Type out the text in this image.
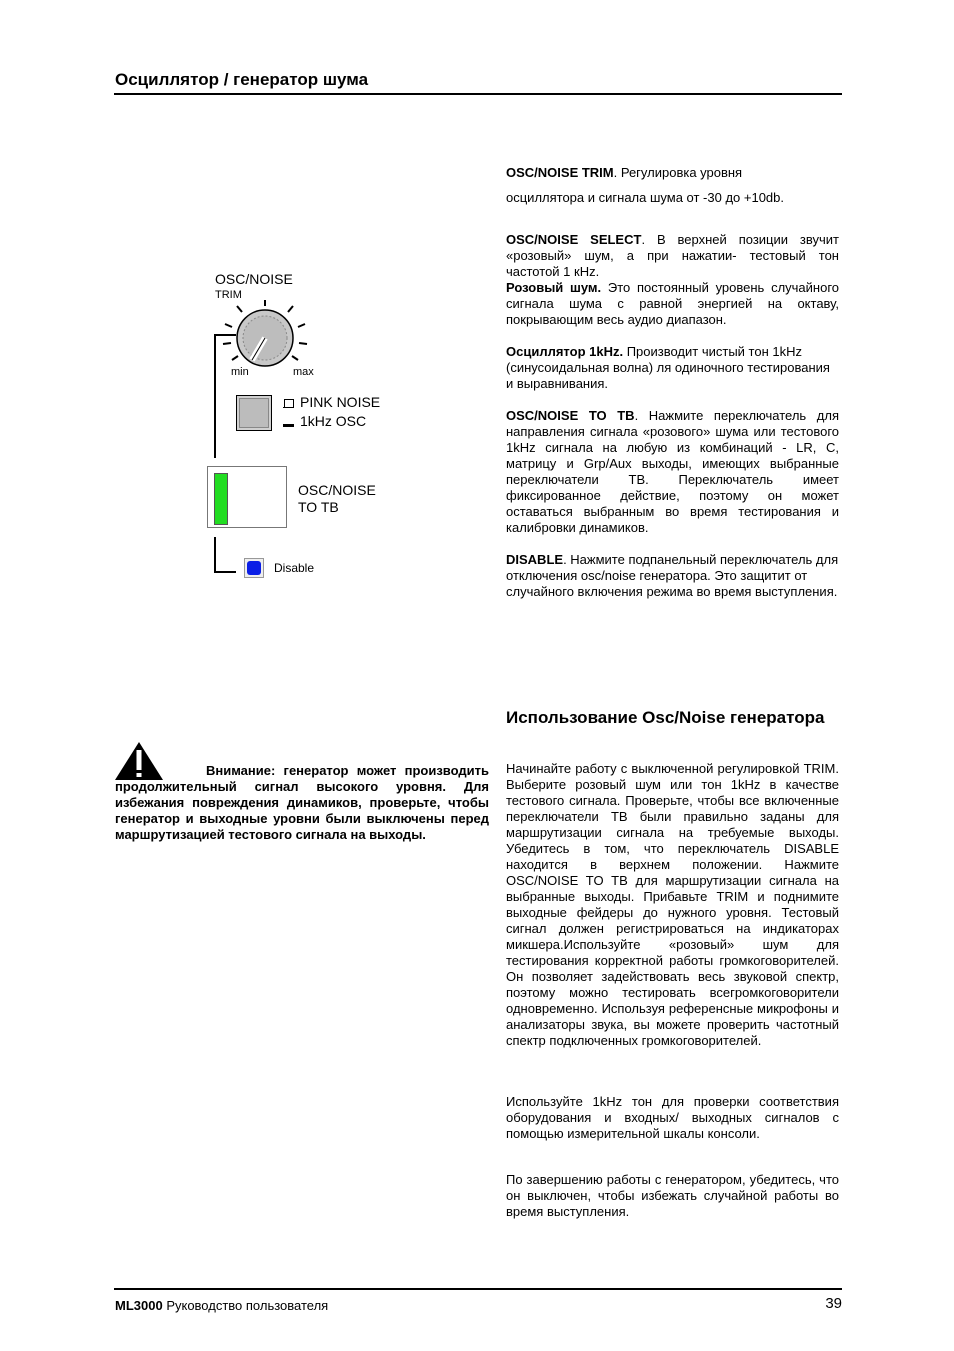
Осциллятор / генератор шума
OSC/NOISE
TRIM
min	max
PINK NOISE
1kHz OSC
OSC/NOISE
TO TB
Disable
OSC/NOISE TRIM. Регулировка уровня
осциллятора и сигнала шума от -30 до +10db.
OSC/NOISE SELECT. В верхней позиции звучит «розовый» шум, а при нажатии- тестовый тон частотой 1 кHz.
Розовый шум. Это постоянный уровень случайного сигнала шума с равной энергией на октаву, покрывающим весь аудио диапазон.
Осциллятор 1kHz. Производит чистый тон 1kHz (синусоидальная волна) ля одиночного тестирования и выравнивания.
OSC/NOISE TO TB. Нажмите переключатель для направления сигнала «розового» шума или тестового 1kHz сигнала на любую из комбинаций - LR, C, матрицу и Grp/Aux выходы, имеющих выбранные переключатели TB. Переключатель имеет фиксированное действие, поэтому он может оставаться выбранным во время тестирования и калибровки динамиков.
DISABLE. Нажмите подпанельный переключатель для отключения osc/noise генератора. Это защитит от случайного включения режима во время выступления.
Внимание: генератор может производить продолжительный сигнал высокого уровня. Для избежания повреждения динамиков, проверьте, чтобы генератор и выходные уровни были выключены перед маршрутизацией тестового сигнала на выходы.
Использование Osc/Noise генератора
Начинайте работу с выключенной регулировкой TRIM. Выберите розовый шум или тон 1kHz в качестве тестового сигнала. Проверьте, чтобы все включенные переключатели TB были правильно заданы для маршрутизации сигнала на требуемые выходы. Убедитесь в том, что переключатель DISABLE находится в верхнем положении. Нажмите OSC/NOISE TO TB для маршрутизации сигнала на выбранные выходы. Прибавьте TRIM и поднимите выходные фейдеры до нужного уровня. Тестовый сигнал должен регистрироваться на индикаторах микшера.Используйте «розовый» шум для тестирования корректной работы громкоговорителей. Он позволяет задействовать весь звуковой спектр, поэтому можно тестировать всегромкоговорители одновременно. Используя референсные микрофоны и анализаторы звука, вы можете проверить частотный спектр подключенных громкоговорителей.
Используйте 1kHz тон для проверки соответствия оборудования и входных/ выходных сигналов с помощью измерительной шкалы консоли.
По завершению работы с генератором, убедитесь, что он выключен, чтобы избежать случайной работы во время выступления.
ML3000 Руководство пользователя	39
